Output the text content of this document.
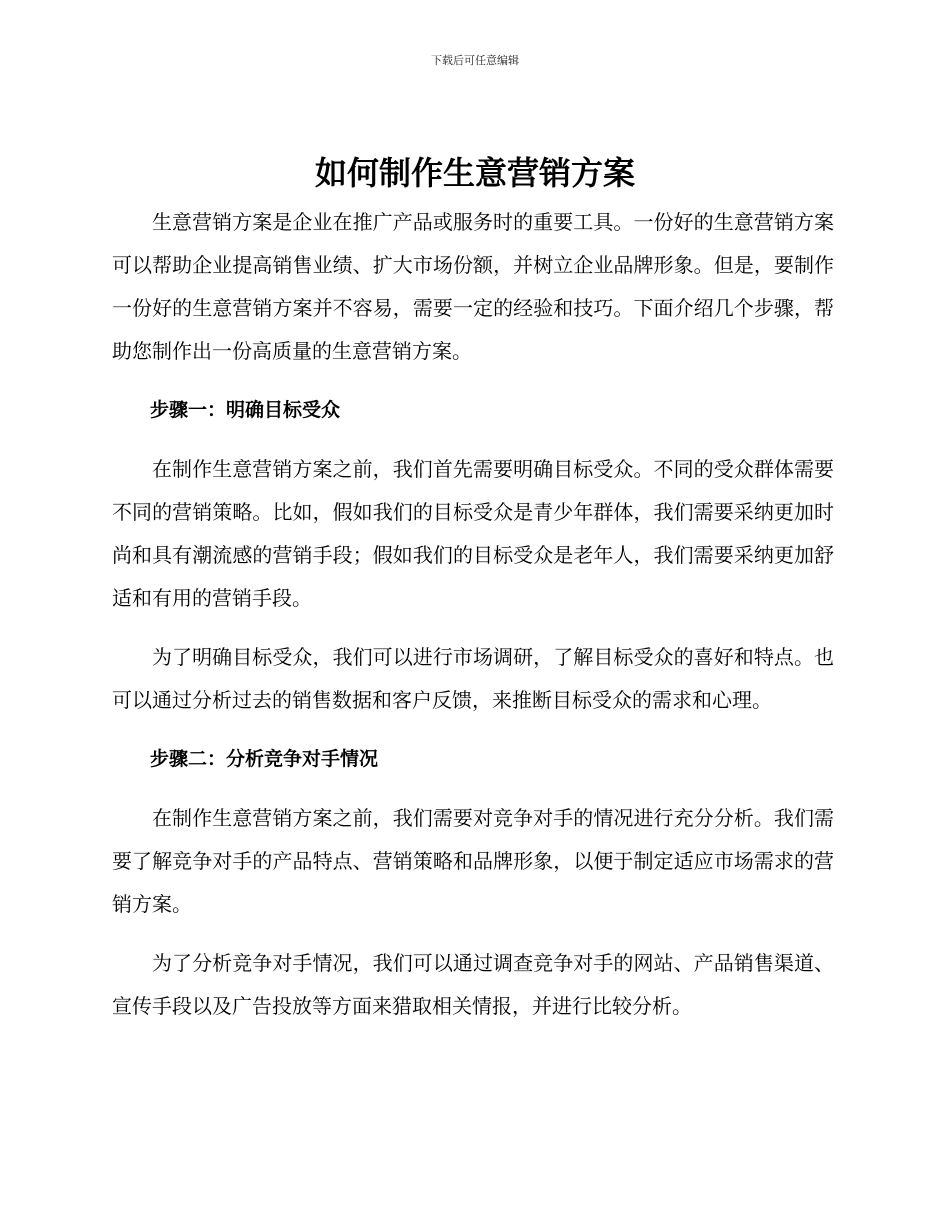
下载后可任意编辑
如何制作生意营销方案

生意营销方案是企业在推广产品或服务时的重要工具。一份好的生意营销方案可以帮助企业提高销售业绩、扩大市场份额，并树立企业品牌形象。但是，要制作一份好的生意营销方案并不容易，需要一定的经验和技巧。下面介绍几个步骤，帮助您制作出一份高质量的生意营销方案。

步骤一：明确目标受众

在制作生意营销方案之前，我们首先需要明确目标受众。不同的受众群体需要不同的营销策略。比如，假如我们的目标受众是青少年群体，我们需要采纳更加时尚和具有潮流感的营销手段；假如我们的目标受众是老年人，我们需要采纳更加舒适和有用的营销手段。

为了明确目标受众，我们可以进行市场调研，了解目标受众的喜好和特点。也可以通过分析过去的销售数据和客户反馈，来推断目标受众的需求和心理。

步骤二：分析竞争对手情况

在制作生意营销方案之前，我们需要对竞争对手的情况进行充分分析。我们需要了解竞争对手的产品特点、营销策略和品牌形象，以便于制定适应市场需求的营销方案。

为了分析竞争对手情况，我们可以通过调查竞争对手的网站、产品销售渠道、宣传手段以及广告投放等方面来猎取相关情报，并进行比较分析。
